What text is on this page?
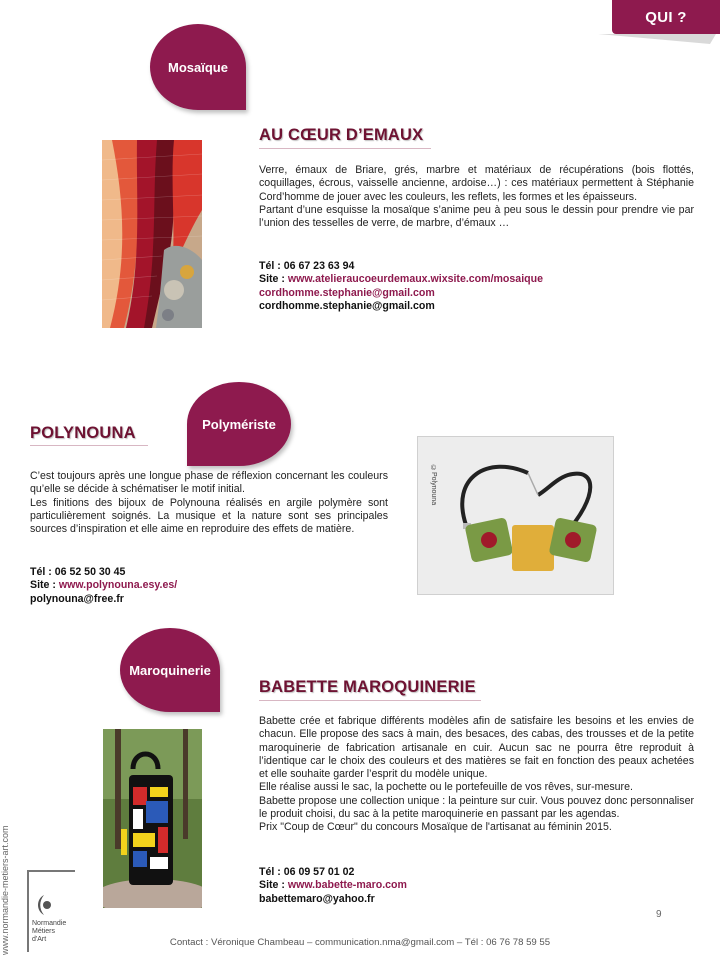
QUI ?
Mosaïque
AU CŒUR D’EMAUX

Verre, émaux de Briare, grés, marbre et matériaux de récupérations (bois flottés, coquillages, écrous, vaisselle ancienne, ardoise…) : ces matériaux permettent à Stéphanie Cord’homme de jouer avec les couleurs, les reflets, les formes et les épaisseurs.

Partant d’une esquisse la mosaïque s’anime peu à peu sous le dessin pour prendre vie par l’union des tesselles de verre, de marbre, d’émaux …

Tél : 06 67 23 63 94
Site : www.atelieraucoeurdemaux.wixsite.com/mosaique
cordhomme.stephanie@gmail.com
cordhomme.stephanie@gmail.com
POLYNOUNA	Polymériste

C’est toujours après une longue phase de réflexion concernant les couleurs qu’elle se décide à schématiser le motif initial.

Les finitions des bijoux de Polynouna réalisés en argile polymère sont particulièrement soignés. La musique et la nature sont ses principales sources d’inspiration et elle aime en reproduire des effets de matière.

Tél : 06 52 50 30 45
Site : www.polynouna.esy.es/
polynouna@free.fr
©Polynouna
Maroquinerie
BABETTE MAROQUINERIE

Babette crée et fabrique différents modèles afin de satisfaire les besoins et les envies de chacun. Elle propose des sacs à main, des besaces, des cabas, des trousses et de la petite maroquinerie de fabrication artisanale en cuir. Aucun sac ne pourra être reproduit à l’identique car le choix des couleurs et des matières se fait en fonction des peaux achetées et elle souhaite garder l’esprit du modèle unique.

Elle réalise aussi le sac, la pochette ou le portefeuille de vos rêves, sur-mesure.

Babette propose une collection unique : la peinture sur cuir. Vous pouvez donc personnaliser le produit choisi, du sac à la petite maroquinerie en passant par les agendas.

Prix "Coup de Cœur" du concours Mosaïque de l'artisanat au féminin 2015.

Tél : 06 09 57 01 02
Site : www.babette-maro.com
babettemaro@yahoo.fr
9
Contact : Véronique Chambeau – communication.nma@gmail.com – Tél : 06 76 78 59 55
www.normandie-metiers-art.com	Normandie
Métiers
d'Art
